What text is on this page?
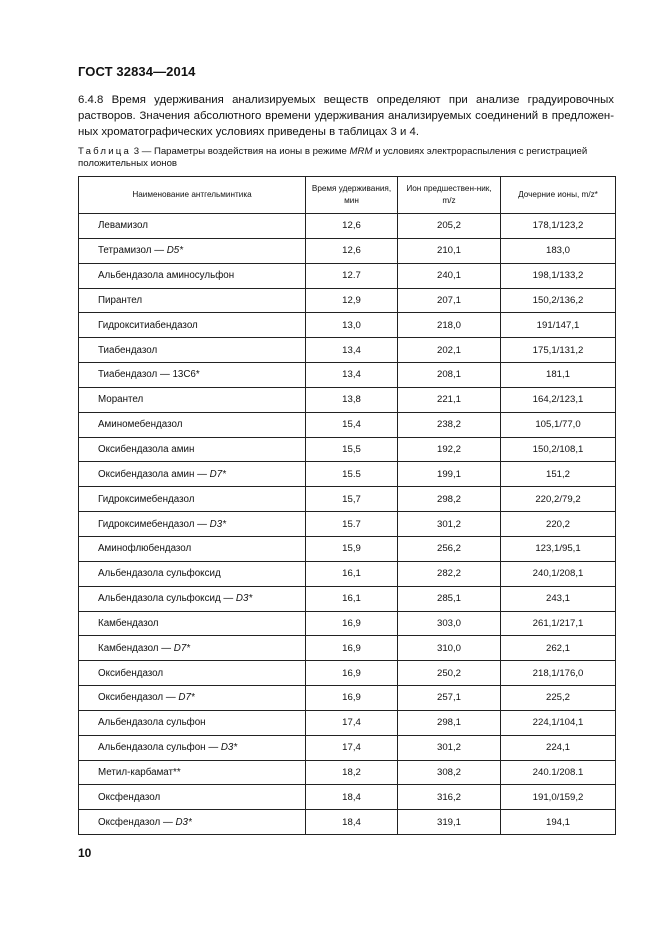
ГОСТ 32834—2014
6.4.8 Время удерживания анализируемых веществ определяют при анализе градуировочных
растворов. Значения абсолютного времени удерживания анализируемых соединений в предложен-
ных хроматографических условиях приведены в таблицах 3 и 4.
Таблица 3 — Параметры воздействия на ионы в режиме MRM и условиях электрораспыления с регистрацией положительных ионов
Наименование антгельминтика	Время удерживания, мин	Ион предшествен-ник, m/z	Дочерние ионы, m/z*
Левамизол	12,6	205,2	178,1/123,2
Тетрамизол — D5*	12,6	210,1	183,0
Альбендазола аминосульфон	12.7	240,1	198,1/133,2
Пирантел	12,9	207,1	150,2/136,2
Гидрокситиабендазол	13,0	218,0	191/147,1
Тиабендазол	13,4	202,1	175,1/131,2
Тиабендазол — 13C6*	13,4	208,1	181,1
Морантел	13,8	221,1	164,2/123,1
Аминомебендазол	15,4	238,2	105,1/77,0
Оксибендазола амин	15,5	192,2	150,2/108,1
Оксибендазола амин — D7*	15.5	199,1	151,2
Гидроксимебендазол	15,7	298,2	220,2/79,2
Гидроксимебендазол — D3*	15.7	301,2	220,2
Аминофлюбендазол	15,9	256,2	123,1/95,1
Альбендазола сульфоксид	16,1	282,2	240,1/208,1
Альбендазола сульфоксид — D3*	16,1	285,1	243,1
Камбендазол	16,9	303,0	261,1/217,1
Камбендазол — D7*	16,9	310,0	262,1
Оксибендазол	16,9	250,2	218,1/176,0
Оксибендазол — D7*	16,9	257,1	225,2
Альбендазола сульфон	17,4	298,1	224,1/104,1
Альбендазола сульфон — D3*	17,4	301,2	224,1
Метил-карбамат**	18,2	308,2	240.1/208.1
Оксфендазол	18,4	316,2	191,0/159,2
Оксфендазол — D3*	18,4	319,1	194,1
10
